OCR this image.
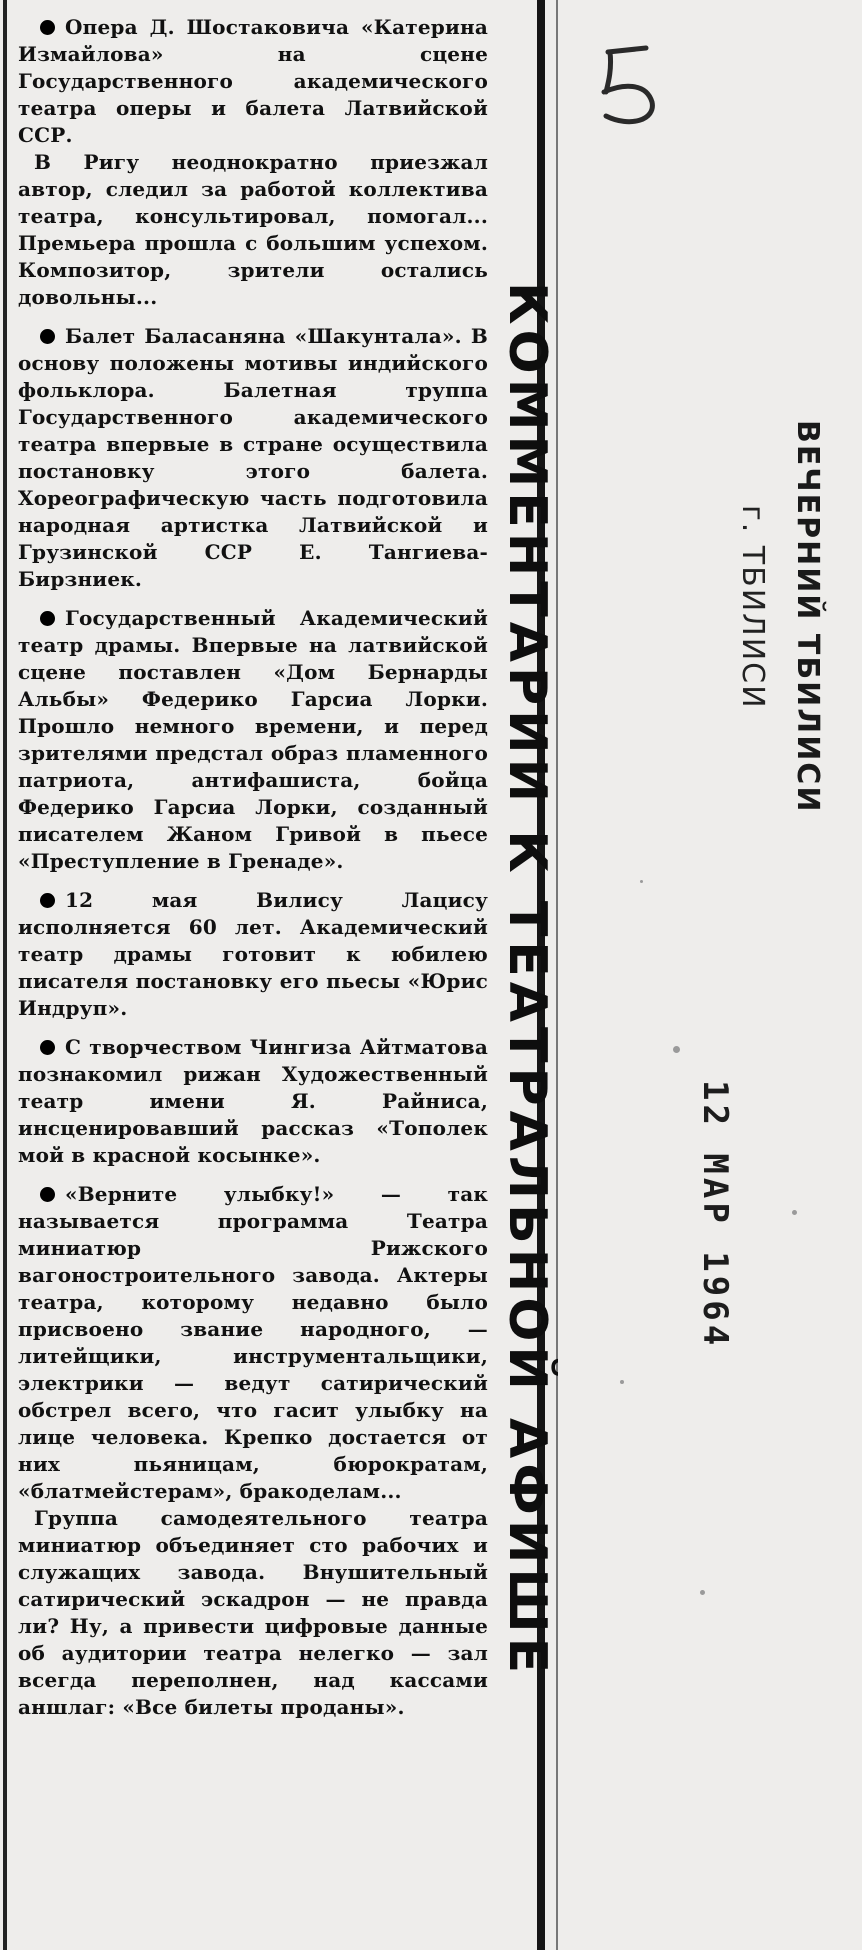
Опера Д. Шостаковича «Катерина Измайлова» на сцене Государственного академического театра оперы и балета Латвийской ССР.

В Ригу неоднократно приезжал автор, следил за работой коллектива театра, консультировал, помогал... Премьера прошла с большим успехом. Композитор, зрители остались довольны...

Балет Баласаняна «Шакунтала». В основу положены мотивы индийского фольклора. Балетная труппа Государственного академического театра впервые в стране осуществила постановку этого балета. Хореографическую часть подготовила народная артистка Латвийской и Грузинской ССР Е. Тангиева-Бирзниек.

Государственный Академический театр драмы. Впервые на латвийской сцене поставлен «Дом Бернарды Альбы» Федерико Гарсиа Лорки. Прошло немного времени, и перед зрителями предстал образ пламенного патриота, антифашиста, бойца Федерико Гарсиа Лорки, созданный писателем Жаном Гривой в пьесе «Преступление в Гренаде».

12 мая Вилису Лацису исполняется 60 лет. Академический театр драмы готовит к юбилею писателя постановку его пьесы «Юрис Индруп».

С творчеством Чингиза Айтматова познакомил рижан Художественный театр имени Я. Райниса, инсценировавший рассказ «Тополек мой в красной косынке».

«Верните улыбку!» — так называется программа Театра миниатюр Рижского вагоностроительного завода. Актеры театра, которому недавно было присвоено звание народного, — литейщики, инструментальщики, электрики — ведут сатирический обстрел всего, что гасит улыбку на лице человека. Крепко достается от них пьяницам, бюрократам, «блатмейстерам», бракоделам...

Группа самодеятельного театра миниатюр объединяет сто рабочих и служащих завода. Внушительный сатирический эскадрон — не правда ли? Ну, а привести цифровые данные об аудитории театра нелегко — зал всегда переполнен, над кассами аншлаг: «Все билеты проданы».

КОММЕНТАРИИ К ТЕАТРАЛЬНОЙ АФИШЕ	ВЕЧЕРНИЙ ТБИЛИСИ
г. ТБИЛИСИ
12 МАР 1964
